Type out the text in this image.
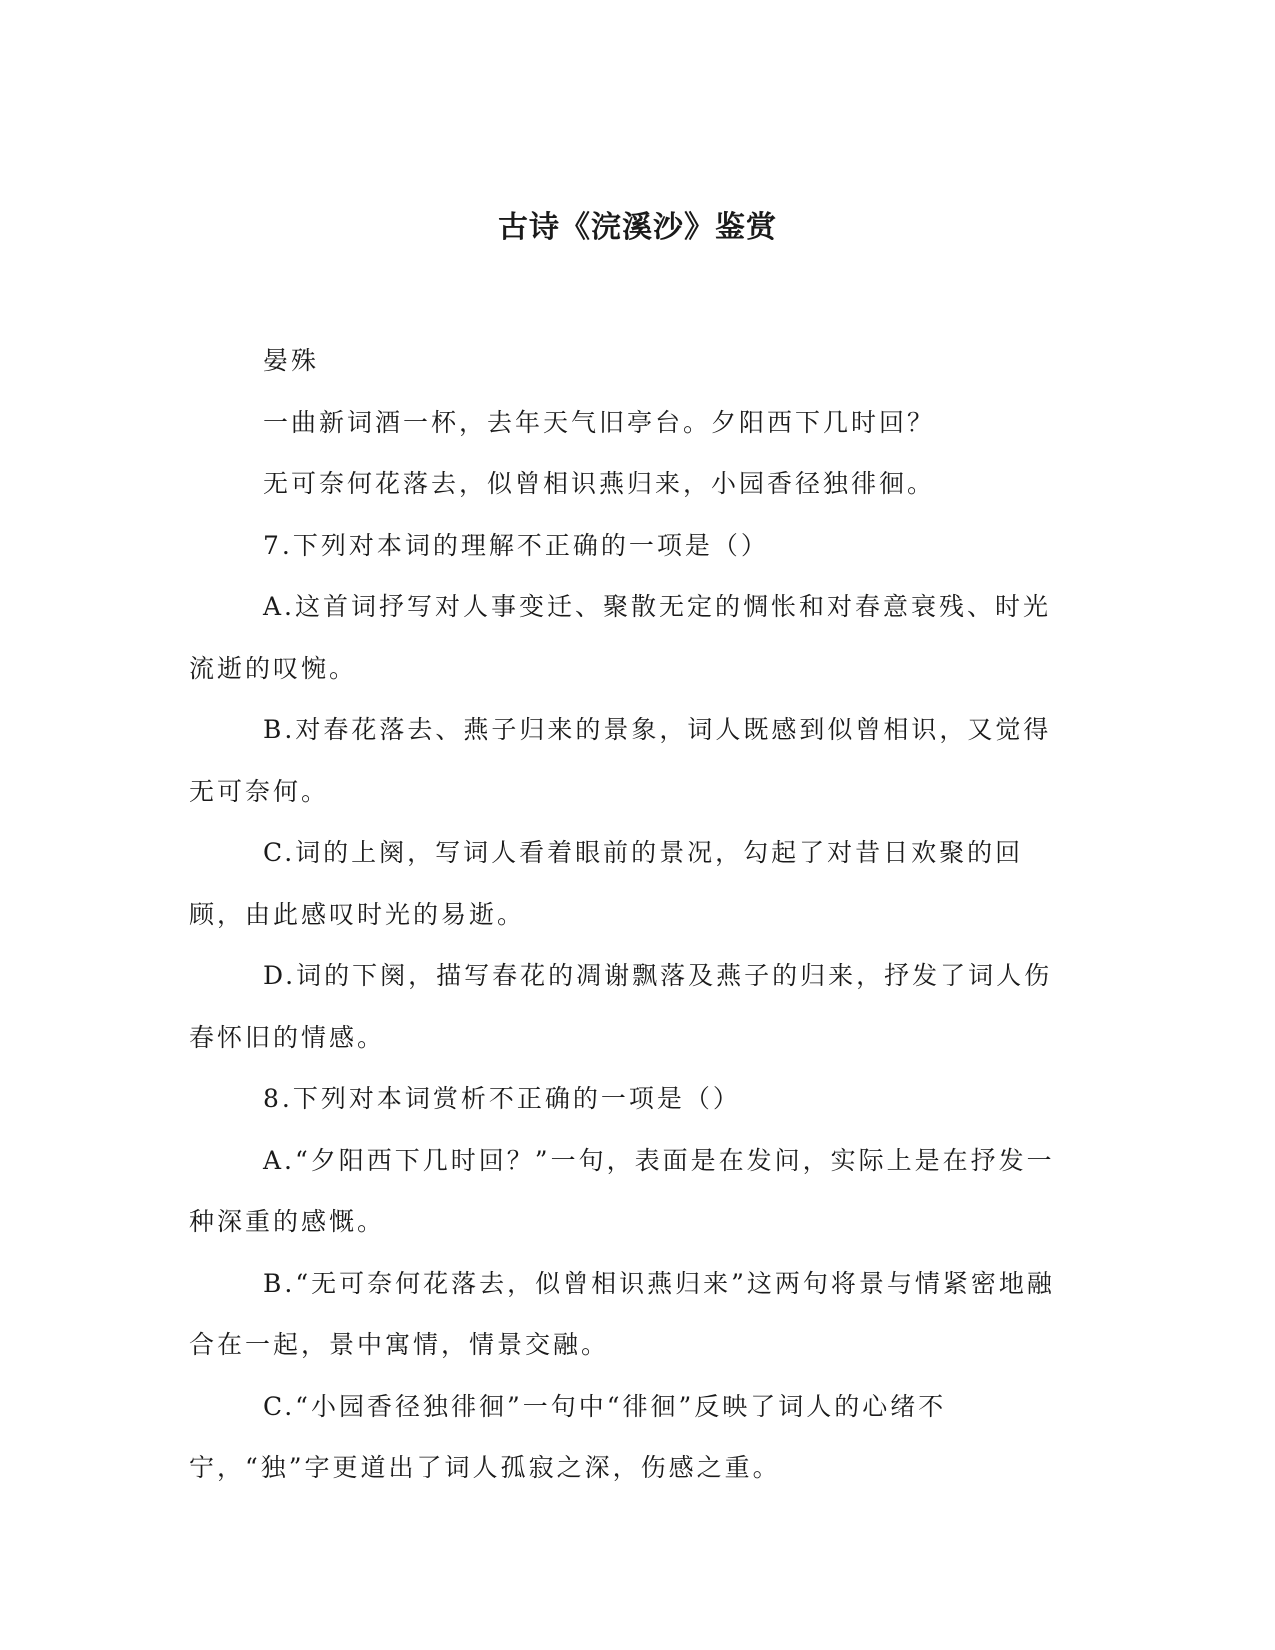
古诗《浣溪沙》鉴赏

晏殊

一曲新词酒一杯，去年天气旧亭台。夕阳西下几时回？

无可奈何花落去，似曾相识燕归来，小园香径独徘徊。

7.下列对本词的理解不正确的一项是（）

A.这首词抒写对人事变迁、聚散无定的惆怅和对春意衰残、时光流逝的叹惋。

B.对春花落去、燕子归来的景象，词人既感到似曾相识，又觉得无可奈何。

C.词的上阕，写词人看着眼前的景况，勾起了对昔日欢聚的回顾，由此感叹时光的易逝。

D.词的下阕，描写春花的凋谢飘落及燕子的归来，抒发了词人伤春怀旧的情感。

8.下列对本词赏析不正确的一项是（）

A.“夕阳西下几时回？”一句，表面是在发问，实际上是在抒发一种深重的感慨。

B.“无可奈何花落去，似曾相识燕归来”这两句将景与情紧密地融合在一起，景中寓情，情景交融。

C.“小园香径独徘徊”一句中“徘徊”反映了词人的心绪不宁，“独”字更道出了词人孤寂之深，伤感之重。
